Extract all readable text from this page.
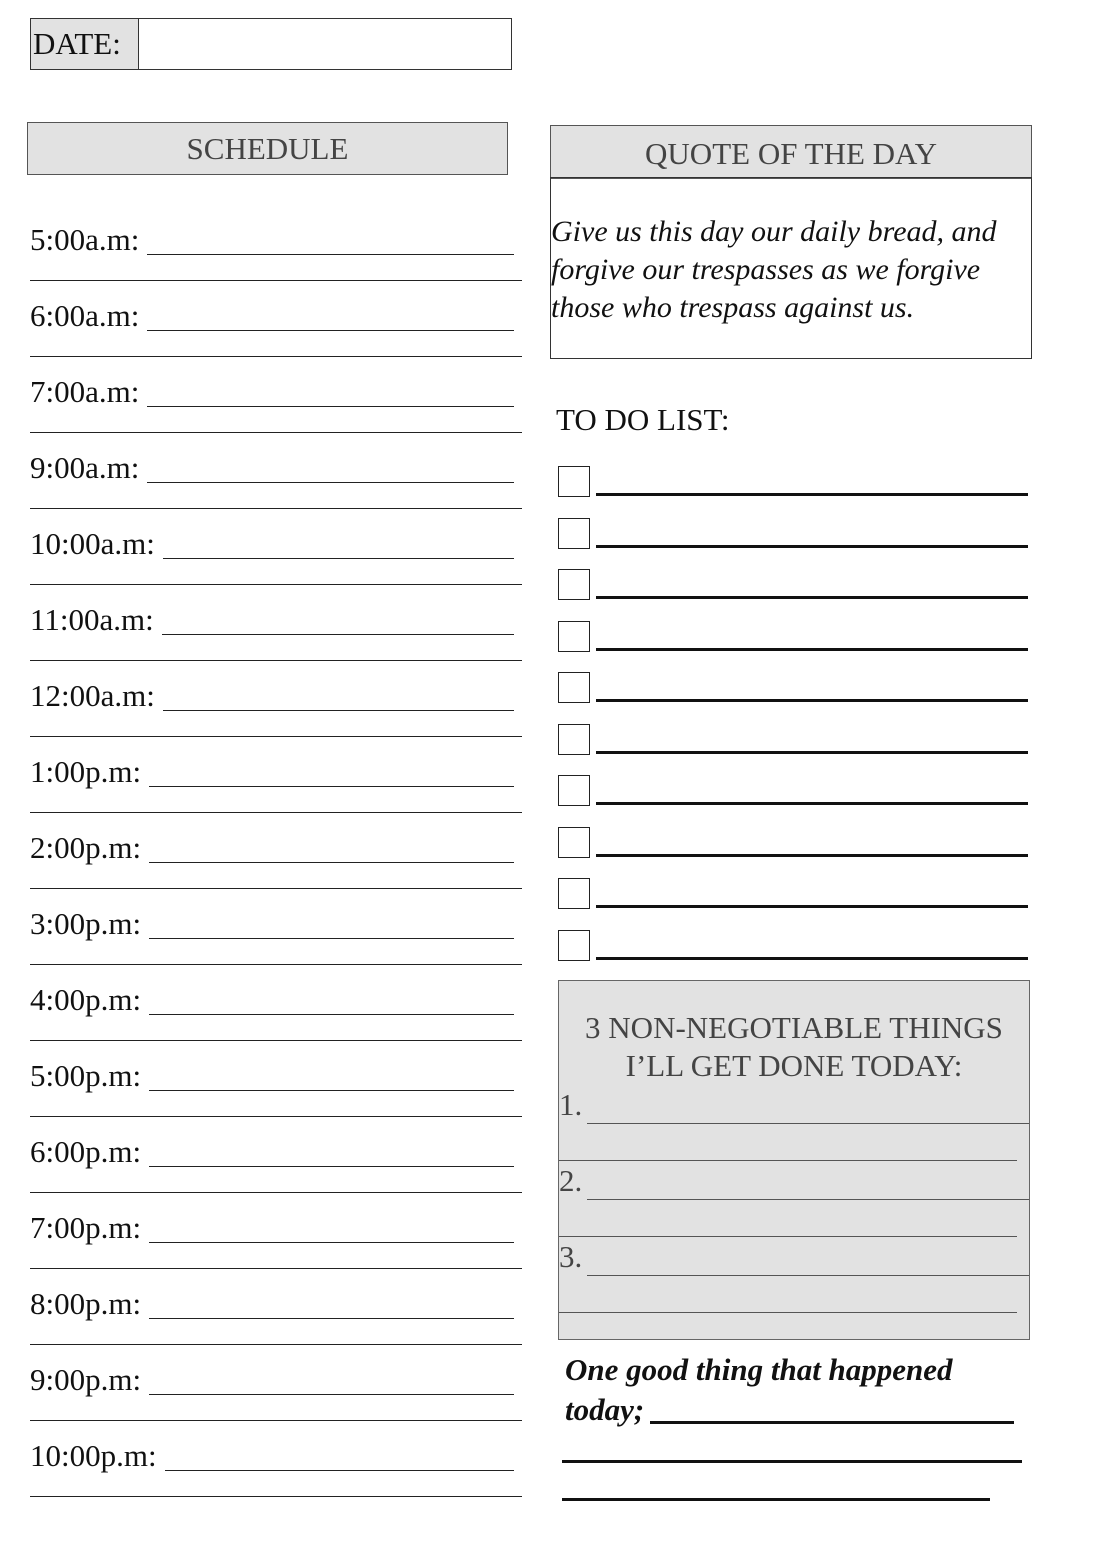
DATE:
SCHEDULE
5:00a.m:
6:00a.m:
7:00a.m:
9:00a.m:
10:00a.m:
11:00a.m:
12:00a.m:
1:00p.m:
2:00p.m:
3:00p.m:
4:00p.m:
5:00p.m:
6:00p.m:
7:00p.m:
8:00p.m:
9:00p.m:
10:00p.m:
QUOTE OF THE DAY
Give us this day our daily bread, and forgive our trespasses as we forgive those who trespass against us.
TO DO LIST:
3 NON-NEGOTIABLE THINGS
I’LL GET DONE TODAY:
1.
2.
3.
One good thing that happened
today;
